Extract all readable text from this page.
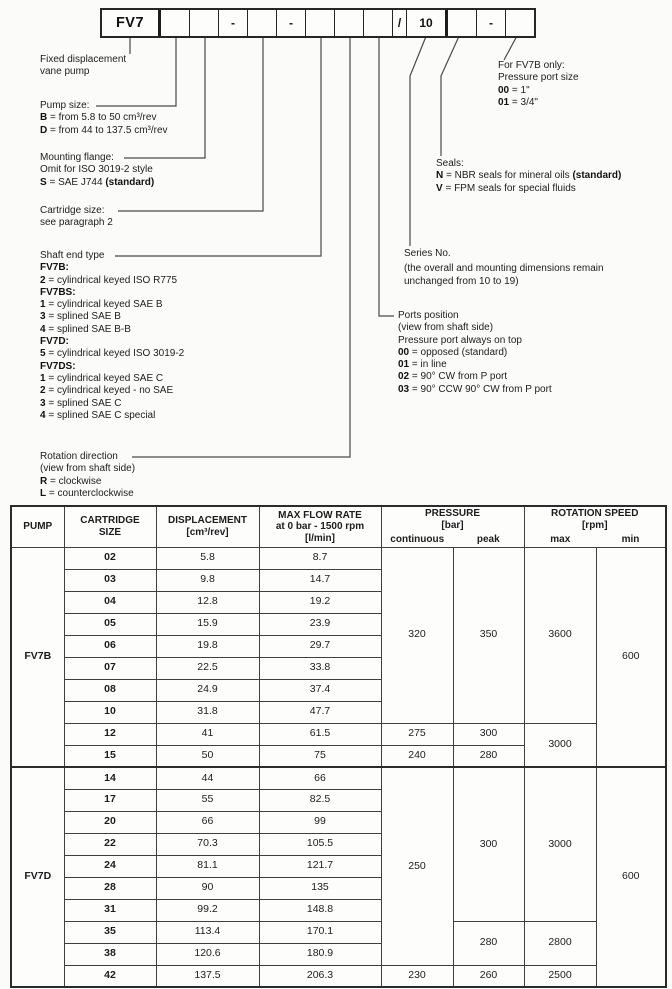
FV7	-	-	/	10	-
Fixed displacement
vane pump
Pump size:
B = from 5.8 to 50 cm³/rev
D = from 44 to 137.5 cm³/rev
Mounting flange:
Omit for ISO 3019-2 style
S = SAE J744 (standard)
Cartridge size:
see paragraph 2
Shaft end type
FV7B:
2 = cylindrical keyed ISO R775
FV7BS:
1 = cylindrical keyed SAE B
3 = splined SAE B
4 = splined SAE B-B
FV7D:
5 = cylindrical keyed ISO 3019-2
FV7DS:
1 = cylindrical keyed SAE C
2 = cylindrical keyed - no SAE
3 = splined SAE C
4 = splined SAE C special
Rotation direction
(view from shaft side)
R = clockwise
L = counterclockwise
For FV7B only:
Pressure port size
00 = 1"
01 = 3/4"
Seals:
N = NBR seals for mineral oils (standard)
V = FPM seals for special fluids
Series No.
(the overall and mounting dimensions remain
unchanged from 10 to 19)
Ports position
(view from shaft side)
Pressure port always on top
00 = opposed (standard)
01 = in line
02 = 90° CW from P port
03 = 90° CCW 90° CW from P port
PUMP	
CARTRIDGE
SIZE

DISPLACEMENT
[cm³/rev]

MAX FLOW RATE
at 0 bar - 1500 rpm
[l/min]

PRESSURE
[bar]

ROTATION SPEED
[rpm]

				continuous	peak	max	min
FV7B	02	5.8	8.7	320	350	3600	600
	03	9.8	14.7				
	04	12.8	19.2				
	05	15.9	23.9				
	06	19.8	29.7				
	07	22.5	33.8				
	08	24.9	37.4				
	10	31.8	47.7				
	12	41	61.5	275	300	3000	
	15	50	75	240	280		
FV7D	14	44	66	250	300	3000	600
	17	55	82.5				
	20	66	99				
	22	70.3	105.5				
	24	81.1	121.7				
	28	90	135				
	31	99.2	148.8				
	35	113.4	170.1		280	2800	
	38	120.6	180.9				
	42	137.5	206.3	230	260	2500	
